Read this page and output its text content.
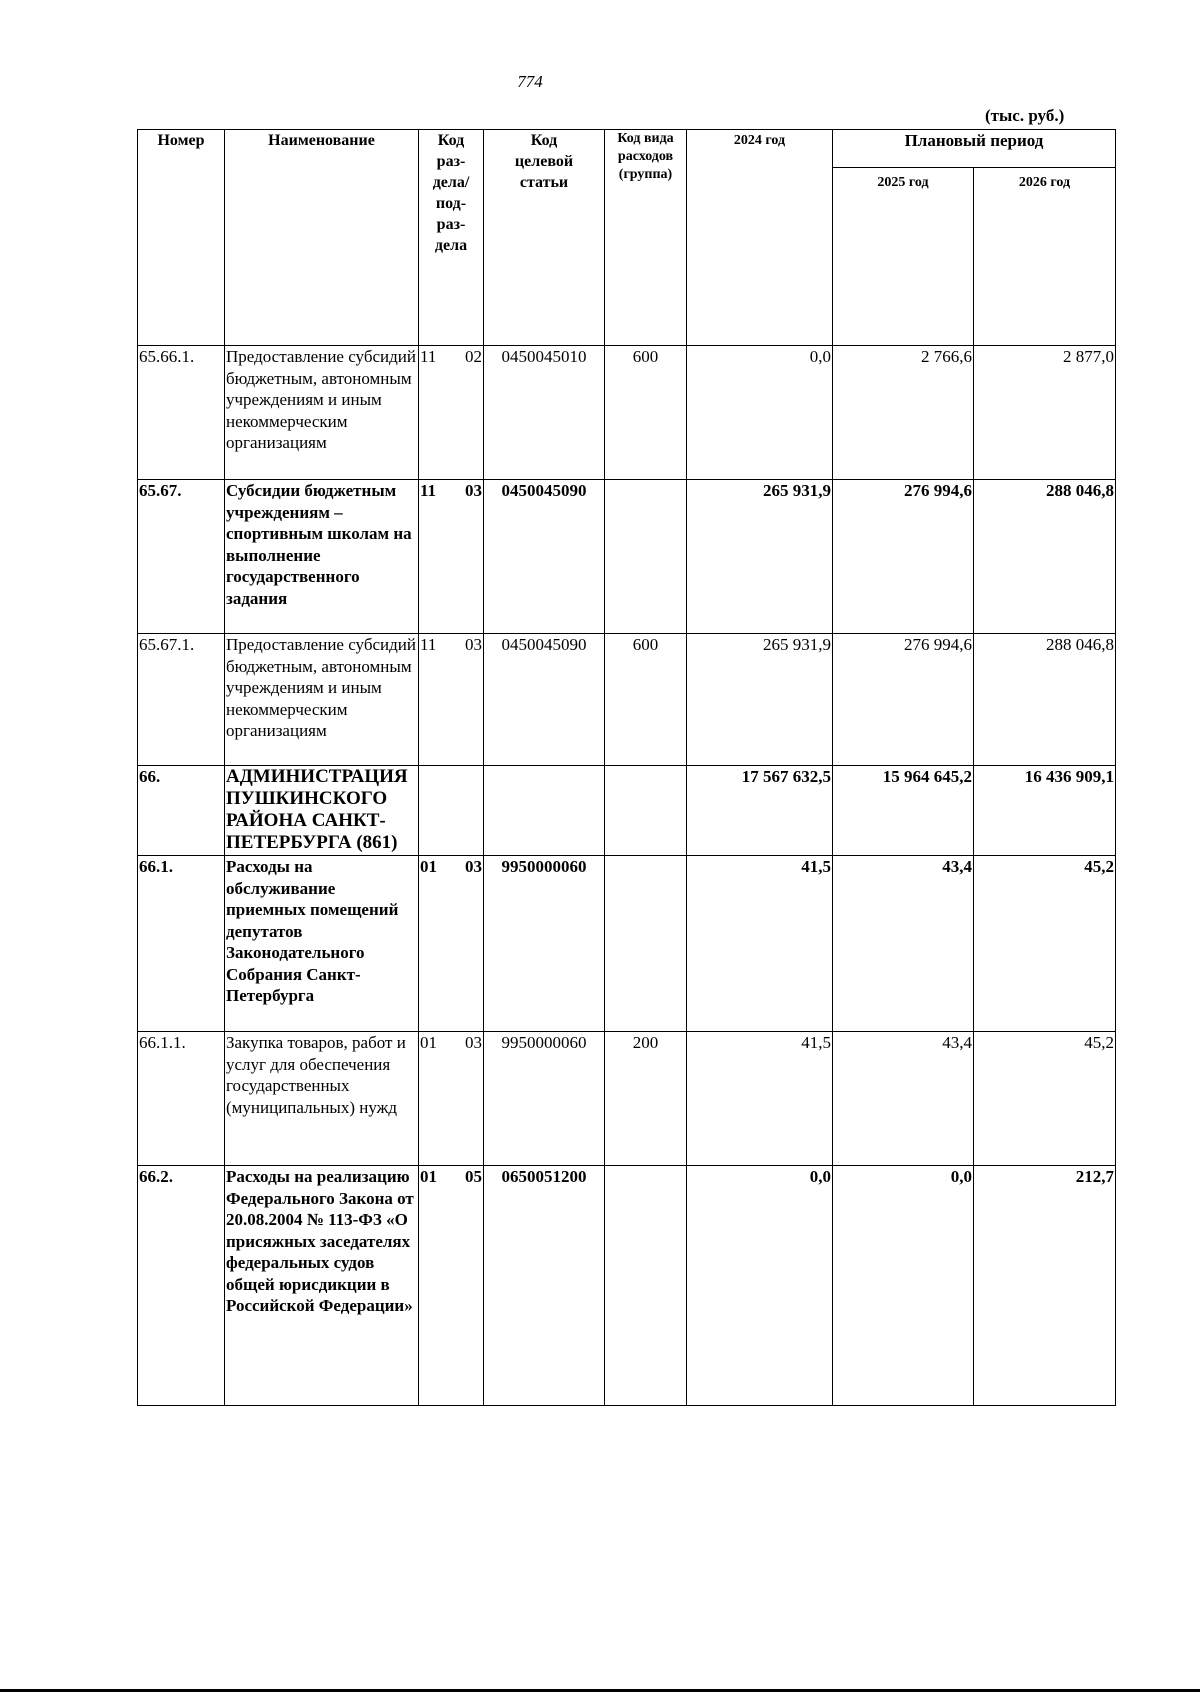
774
(тыс. руб.)
Номер	Наименование	Код раз-дела/ под-раз-дела	Код целевой статьи	Код вида расходов (группа)	2024 год	Плановый период	
						2025 год	2026 год
65.66.1.	Предоставление субсидий бюджетным, автономным учреждениям и иным некоммерческим организациям	11 02	0450045010	600	0,0	2 766,6	2 877,0
65.67.	Субсидии бюджетным учреждениям – спортивным школам на выполнение государственного задания	11 03	0450045090		265 931,9	276 994,6	288 046,8
65.67.1.	Предоставление субсидий бюджетным, автономным учреждениям и иным некоммерческим организациям	11 03	0450045090	600	265 931,9	276 994,6	288 046,8
66.	АДМИНИСТРАЦИЯ ПУШКИНСКОГО РАЙОНА САНКТ-ПЕТЕРБУРГА (861)				17 567 632,5	15 964 645,2	16 436 909,1
66.1.	Расходы на обслуживание приемных помещений депутатов Законодательного Собрания Санкт-Петербурга	01 03	9950000060		41,5	43,4	45,2
66.1.1.	Закупка товаров, работ и услуг для обеспечения государственных (муниципальных) нужд	01 03	9950000060	200	41,5	43,4	45,2
66.2.	Расходы на реализацию Федерального Закона от 20.08.2004 № 113-ФЗ «О присяжных заседателях федеральных судов общей юрисдикции в Российской Федерации»	01 05	0650051200		0,0	0,0	212,7
